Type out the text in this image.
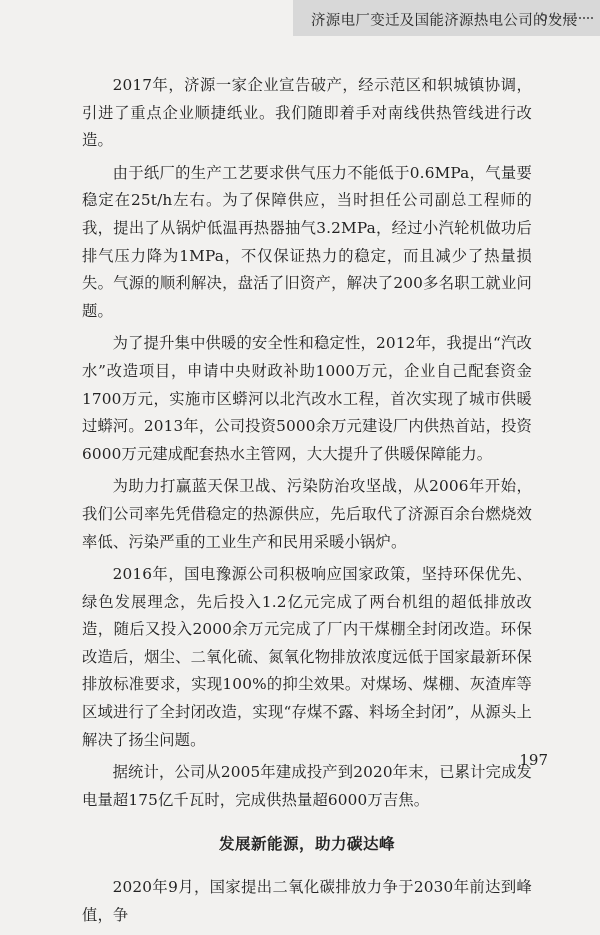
济源电厂变迁及国能济源热电公司的发展

2017年，济源一家企业宣告破产，经示范区和轵城镇协调，引进了重点企业顺捷纸业。我们随即着手对南线供热管线进行改造。

由于纸厂的生产工艺要求供气压力不能低于0.6MPa，气量要稳定在25t/h左右。为了保障供应，当时担任公司副总工程师的我，提出了从锅炉低温再热器抽气3.2MPa，经过小汽轮机做功后排气压力降为1MPa，不仅保证热力的稳定，而且减少了热量损失。气源的顺利解决，盘活了旧资产，解决了200多名职工就业问题。

为了提升集中供暖的安全性和稳定性，2012年，我提出“汽改水”改造项目，申请中央财政补助1000万元，企业自己配套资金1700万元，实施市区蟒河以北汽改水工程，首次实现了城市供暖过蟒河。2013年，公司投资5000余万元建设厂内供热首站，投资6000万元建成配套热水主管网，大大提升了供暖保障能力。

为助力打赢蓝天保卫战、污染防治攻坚战，从2006年开始，我们公司率先凭借稳定的热源供应，先后取代了济源百余台燃烧效率低、污染严重的工业生产和民用采暖小锅炉。

2016年，国电豫源公司积极响应国家政策，坚持环保优先、绿色发展理念，先后投入1.2亿元完成了两台机组的超低排放改造，随后又投入2000余万元完成了厂内干煤棚全封闭改造。环保改造后，烟尘、二氧化硫、氮氧化物排放浓度远低于国家最新环保排放标准要求，实现100%的抑尘效果。对煤场、煤棚、灰渣库等区域进行了全封闭改造，实现“存煤不露、料场全封闭”，从源头上解决了扬尘问题。

据统计，公司从2005年建成投产到2020年末，已累计完成发电量超175亿千瓦时，完成供热量超6000万吉焦。

发展新能源，助力碳达峰

2020年9月，国家提出二氧化碳排放力争于2030年前达到峰值，争

197
